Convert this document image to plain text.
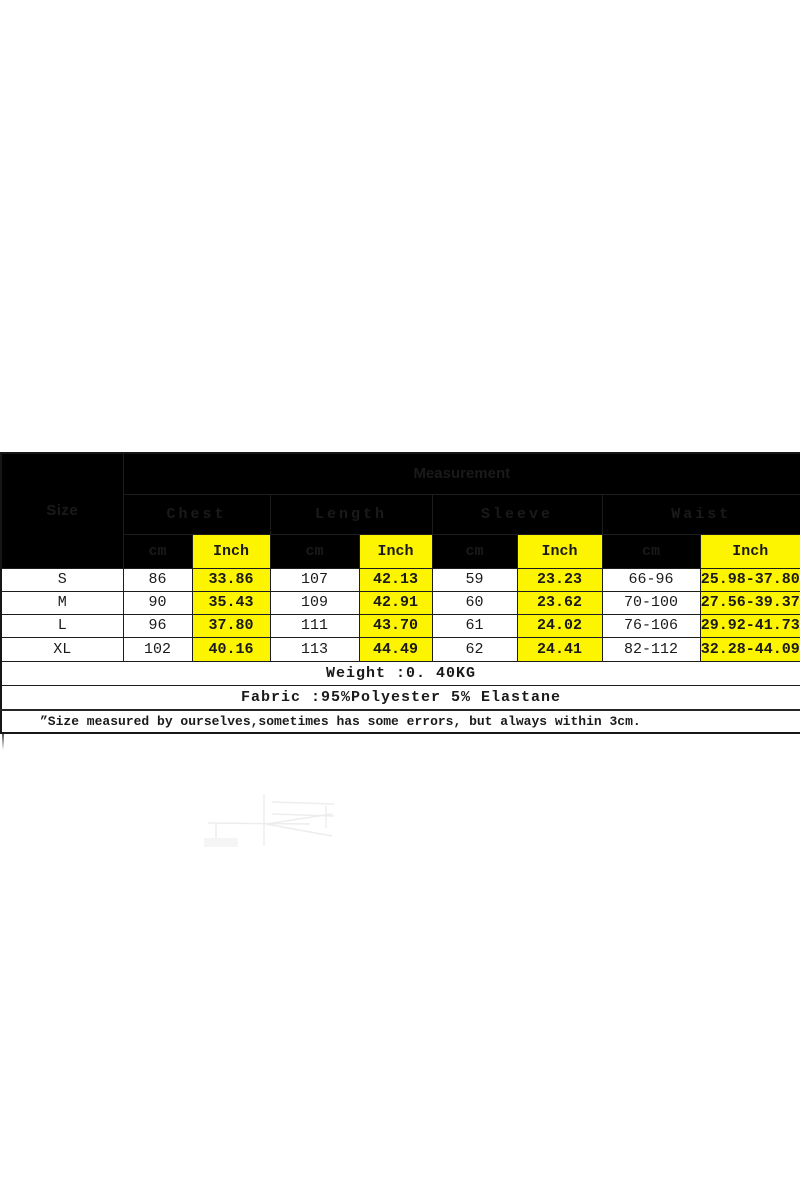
Size	Measurement							
	Chest		Length		Sleeve		Waist	
	cm	Inch	cm	Inch	cm	Inch	cm	Inch
S	86	33.86	107	42.13	59	23.23	66-96	25.98-37.80
M	90	35.43	109	42.91	60	23.62	70-100	27.56-39.37
L	96	37.80	111	43.70	61	24.02	76-106	29.92-41.73
XL	102	40.16	113	44.49	62	24.41	82-112	32.28-44.09
Weight :0. 40KG								
Fabric :95%Polyester 5% Elastane								
”Size measured by ourselves,sometimes has some errors, but always within 3cm.								
